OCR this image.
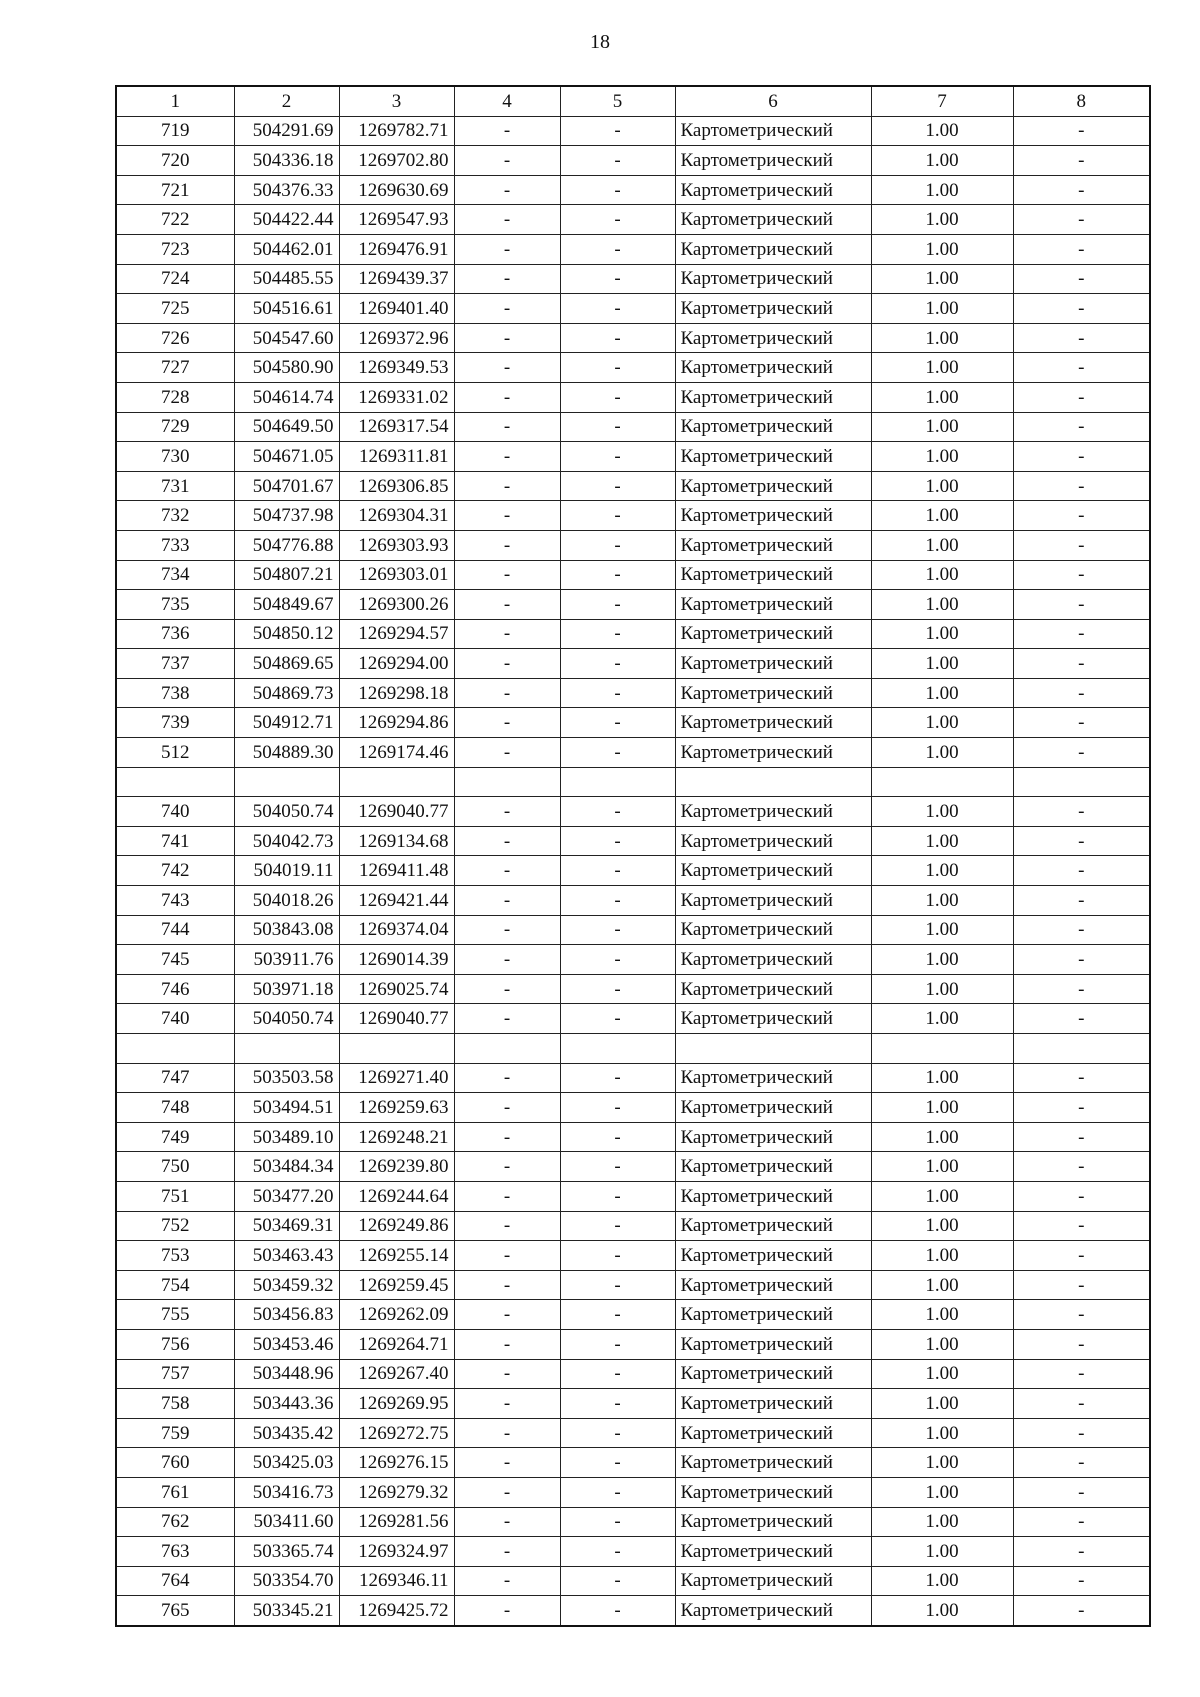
18
1	2	3	4	5	6	7	8
719	504291.69	1269782.71	-	-	Картометрический	1.00	-
720	504336.18	1269702.80	-	-	Картометрический	1.00	-
721	504376.33	1269630.69	-	-	Картометрический	1.00	-
722	504422.44	1269547.93	-	-	Картометрический	1.00	-
723	504462.01	1269476.91	-	-	Картометрический	1.00	-
724	504485.55	1269439.37	-	-	Картометрический	1.00	-
725	504516.61	1269401.40	-	-	Картометрический	1.00	-
726	504547.60	1269372.96	-	-	Картометрический	1.00	-
727	504580.90	1269349.53	-	-	Картометрический	1.00	-
728	504614.74	1269331.02	-	-	Картометрический	1.00	-
729	504649.50	1269317.54	-	-	Картометрический	1.00	-
730	504671.05	1269311.81	-	-	Картометрический	1.00	-
731	504701.67	1269306.85	-	-	Картометрический	1.00	-
732	504737.98	1269304.31	-	-	Картометрический	1.00	-
733	504776.88	1269303.93	-	-	Картометрический	1.00	-
734	504807.21	1269303.01	-	-	Картометрический	1.00	-
735	504849.67	1269300.26	-	-	Картометрический	1.00	-
736	504850.12	1269294.57	-	-	Картометрический	1.00	-
737	504869.65	1269294.00	-	-	Картометрический	1.00	-
738	504869.73	1269298.18	-	-	Картометрический	1.00	-
739	504912.71	1269294.86	-	-	Картометрический	1.00	-
512	504889.30	1269174.46	-	-	Картометрический	1.00	-

740	504050.74	1269040.77	-	-	Картометрический	1.00	-
741	504042.73	1269134.68	-	-	Картометрический	1.00	-
742	504019.11	1269411.48	-	-	Картометрический	1.00	-
743	504018.26	1269421.44	-	-	Картометрический	1.00	-
744	503843.08	1269374.04	-	-	Картометрический	1.00	-
745	503911.76	1269014.39	-	-	Картометрический	1.00	-
746	503971.18	1269025.74	-	-	Картометрический	1.00	-
740	504050.74	1269040.77	-	-	Картометрический	1.00	-

747	503503.58	1269271.40	-	-	Картометрический	1.00	-
748	503494.51	1269259.63	-	-	Картометрический	1.00	-
749	503489.10	1269248.21	-	-	Картометрический	1.00	-
750	503484.34	1269239.80	-	-	Картометрический	1.00	-
751	503477.20	1269244.64	-	-	Картометрический	1.00	-
752	503469.31	1269249.86	-	-	Картометрический	1.00	-
753	503463.43	1269255.14	-	-	Картометрический	1.00	-
754	503459.32	1269259.45	-	-	Картометрический	1.00	-
755	503456.83	1269262.09	-	-	Картометрический	1.00	-
756	503453.46	1269264.71	-	-	Картометрический	1.00	-
757	503448.96	1269267.40	-	-	Картометрический	1.00	-
758	503443.36	1269269.95	-	-	Картометрический	1.00	-
759	503435.42	1269272.75	-	-	Картометрический	1.00	-
760	503425.03	1269276.15	-	-	Картометрический	1.00	-
761	503416.73	1269279.32	-	-	Картометрический	1.00	-
762	503411.60	1269281.56	-	-	Картометрический	1.00	-
763	503365.74	1269324.97	-	-	Картометрический	1.00	-
764	503354.70	1269346.11	-	-	Картометрический	1.00	-
765	503345.21	1269425.72	-	-	Картометрический	1.00	-
